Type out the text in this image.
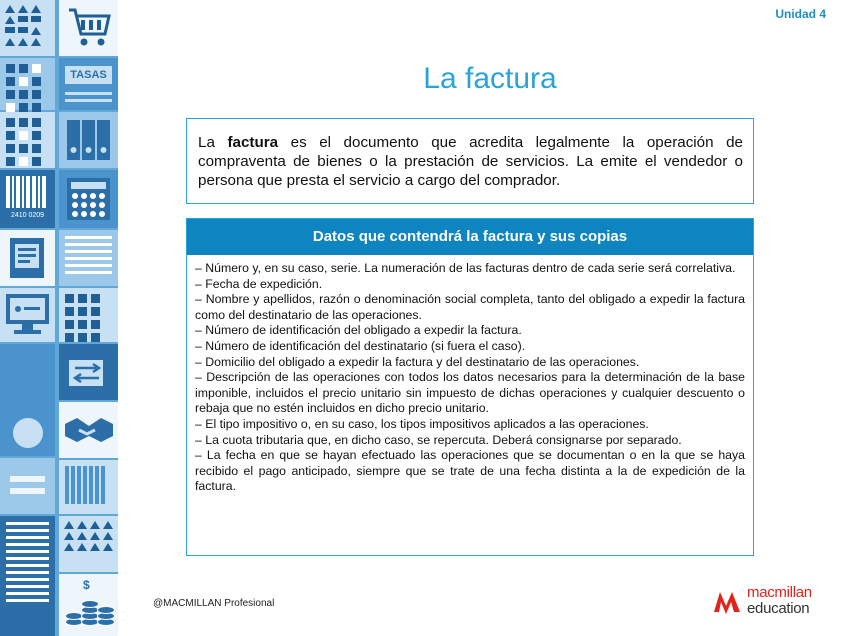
TASAS
2410 0209
$
Unidad 4
La factura
La factura es el documento que acredita legalmente la operación de compraventa de bienes o la prestación de servicios. La emite el vendedor o persona que presta el servicio a cargo del comprador.
Datos que contendrá la factura y sus copias
– Número y, en su caso, serie. La numeración de las facturas dentro de cada serie será correlativa.
– Fecha de expedición.
– Nombre y apellidos, razón o denominación social completa, tanto del obligado a expedir la factura como del destinatario de las operaciones.
– Número de identificación del obligado a expedir la factura.
– Número de identificación del destinatario (si fuera el caso).
– Domicilio del obligado a expedir la factura y del destinatario de las operaciones.
– Descripción de las operaciones con todos los datos necesarios para la determinación de la base imponible, incluidos el precio unitario sin impuesto de dichas operaciones y cualquier descuento o rebaja que no estén incluidos en dicho precio unitario.
– El tipo impositivo o, en su caso, los tipos impositivos aplicados a las operaciones.
– La cuota tributaria que, en dicho caso, se repercuta. Deberá consignarse por separado.
– La fecha en que se hayan efectuado las operaciones que se documentan o en la que se haya recibido el pago anticipado, siempre que se trate de una fecha distinta a la de expedición de la factura.
@MACMILLAN Profesional
macmillan
education
